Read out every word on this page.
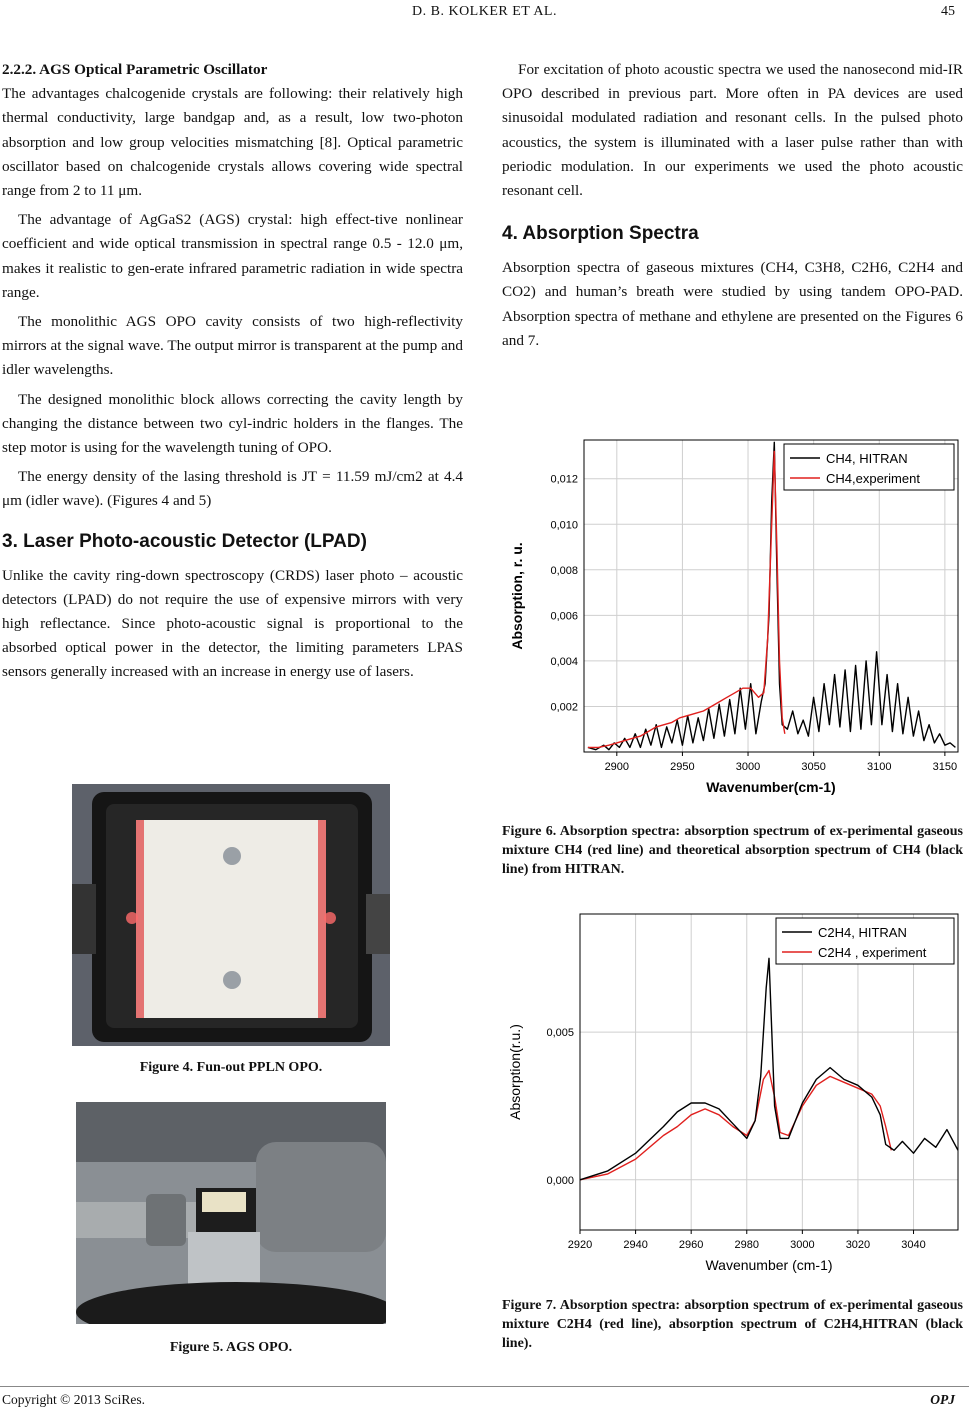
D. B. KOLKER ET AL.	45

2.2.2. AGS Optical Parametric Oscillator

The advantages chalcogenide crystals are following: their relatively high thermal conductivity, large bandgap and, as a result, low two-photon absorption and low group velocities mismatching [8]. Optical parametric oscillator based on chalcogenide crystals allows covering wide spectral range from 2 to 11 μm.

The advantage of AgGaS2 (AGS) crystal: high effect-tive nonlinear coefficient and wide optical transmission in spectral range 0.5 - 12.0 μm, makes it realistic to gen-erate infrared parametric radiation in wide spectra range.

The monolithic AGS OPO cavity consists of two high-reflectivity mirrors at the signal wave. The output mirror is transparent at the pump and idler wavelengths.

The designed monolithic block allows correcting the cavity length by changing the distance between two cyl-indric holders in the flanges. The step motor is using for the wavelength tuning of OPO.

The energy density of the lasing threshold is JT = 11.59 mJ/cm2 at 4.4 μm (idler wave). (Figures 4 and 5)

3. Laser Photo-acoustic Detector (LPAD)

Unlike the cavity ring-down spectroscopy (CRDS) laser photo – acoustic detectors (LPAD) do not require the use of expensive mirrors with very high reflectance. Since photo-acoustic signal is proportional to the absorbed optical power in the detector, the limiting parameters LPAS sensors generally increased with an increase in energy use of lasers.

Figure 4. Fun-out PPLN OPO.
Figure 5. AGS OPO.

For excitation of photo acoustic spectra we used the nanosecond mid-IR OPO described in previous part. More often in PA devices are used sinusoidal modulated radiation and resonant cells. In the pulsed photo acoustics, the system is illuminated with a laser pulse rather than with periodic modulation. In our experiments we used the photo acoustic resonant cell.

4. Absorption Spectra

Absorption spectra of gaseous mixtures (CH4, C3H8, C2H6, C2H4 and CO2) and human’s breath were studied by using tandem OPO-PAD. Absorption spectra of methane and ethylene are presented on the Figures 6 and 7.

2900	2950	3000	3050	3100	3150
0,002
0,004
0,006
0,008
0,010
0,012
CH4, HITRAN
CH4,experiment
Wavenumber(cm-1)
Absorption, r. u.
Figure 6. Absorption spectra: absorption spectrum of ex-perimental gaseous mixture CH4 (red line) and theoretical absorption spectrum of CH4 (black line) from HITRAN.
2920	2940	2960	2980	3000	3020	3040
0,000
0,005
C2H4 , experiment
C2H4, HITRAN
Wavenumber (cm-1)
Absorption(r.u.)
Figure 7. Absorption spectra: absorption spectrum of ex-perimental gaseous mixture C2H4 (red line), absorption spectrum of C2H4,HITRAN (black line).
Copyright © 2013 SciRes.	OPJ
